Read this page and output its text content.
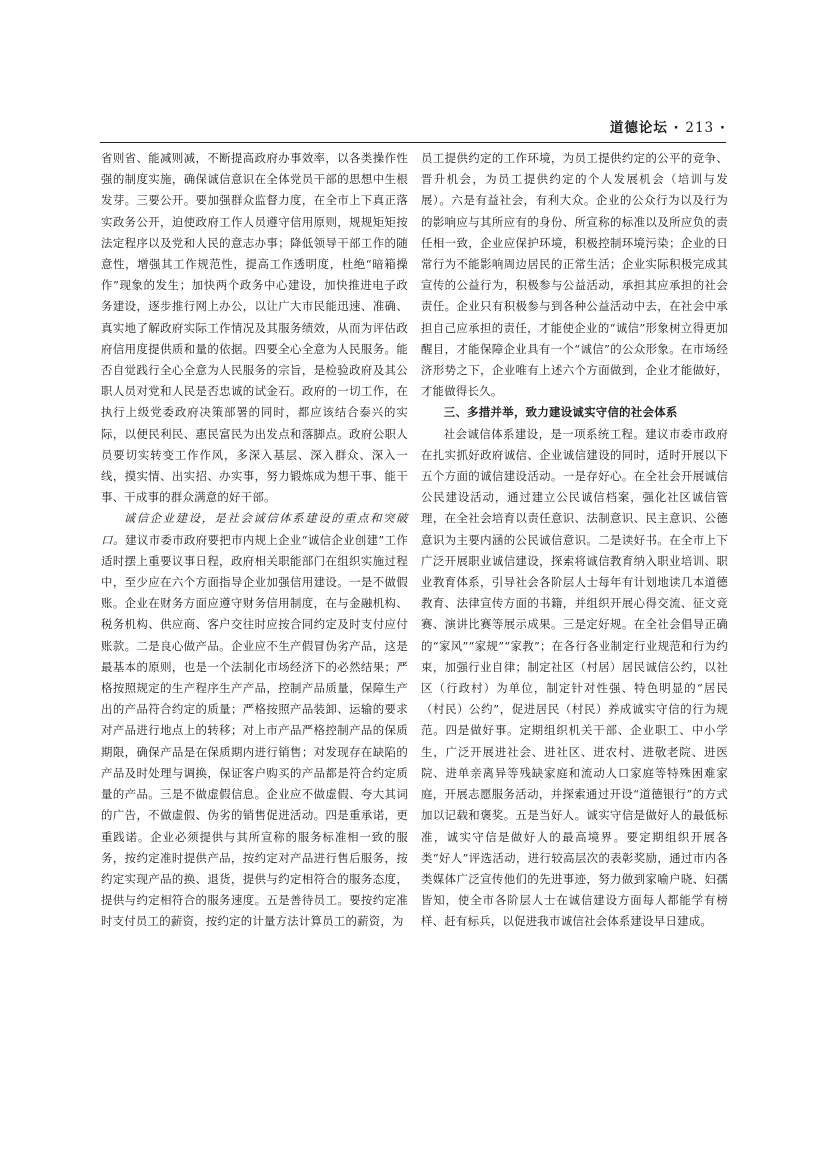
道德论坛 · 213 ·

省则省、能减则减，不断提高政府办事效率，以各类操作性强的制度实施，确保诚信意识在全体党员干部的思想中生根发芽。三要公开。要加强群众监督力度，在全市上下真正落实政务公开，迫使政府工作人员遵守信用原则，规规矩矩按法定程序以及党和人民的意志办事；降低领导干部工作的随意性，增强其工作规范性，提高工作透明度，杜绝“暗箱操作”现象的发生；加快两个政务中心建设，加快推进电子政务建设，逐步推行网上办公，以让广大市民能迅速、准确、真实地了解政府实际工作情况及其服务绩效，从而为评估政府信用度提供质和量的依据。四要全心全意为人民服务。能否自觉践行全心全意为人民服务的宗旨，是检验政府及其公职人员对党和人民是否忠诚的试金石。政府的一切工作，在执行上级党委政府决策部署的同时，都应该结合泰兴的实际，以便民利民、惠民富民为出发点和落脚点。政府公职人员要切实转变工作作风，多深入基层、深入群众、深入一线，摸实情、出实招、办实事，努力锻炼成为想干事、能干事、干成事的群众满意的好干部。

诚信企业建设，是社会诚信体系建设的重点和突破口。建议市委市政府要把市内规上企业“诚信企业创建”工作适时摆上重要议事日程，政府相关职能部门在组织实施过程中，至少应在六个方面指导企业加强信用建设。一是不做假账。企业在财务方面应遵守财务信用制度，在与金融机构、税务机构、供应商、客户交往时应按合同约定及时支付应付账款。二是良心做产品。企业应不生产假冒伪劣产品，这是最基本的原则，也是一个法制化市场经济下的必然结果；严格按照规定的生产程序生产产品，控制产品质量，保障生产出的产品符合约定的质量；严格按照产品装卸、运输的要求对产品进行地点上的转移；对上市产品严格控制产品的保质期限，确保产品是在保质期内进行销售；对发现存在缺陷的产品及时处理与调换，保证客户购买的产品都是符合约定质量的产品。三是不做虚假信息。企业应不做虚假、夸大其词的广告，不做虚假、伪劣的销售促进活动。四是重承诺，更重践诺。企业必须提供与其所宣称的服务标准相一致的服务，按约定准时提供产品，按约定对产品进行售后服务，按约定实现产品的换、退货，提供与约定相符合的服务态度，提供与约定相符合的服务速度。五是善待员工。要按约定准时支付员工的薪资，按约定的计量方法计算员工的薪资，为

员工提供约定的工作环境，为员工提供约定的公平的竞争、晋升机会，为员工提供约定的个人发展机会（培训与发展）。六是有益社会，有利大众。企业的公众行为以及行为的影响应与其所应有的身份、所宣称的标准以及所应负的责任相一致，企业应保护环境，积极控制环境污染；企业的日常行为不能影响周边居民的正常生活；企业实际积极完成其宣传的公益行为，积极参与公益活动，承担其应承担的社会责任。企业只有积极参与到各种公益活动中去，在社会中承担自己应承担的责任，才能使企业的“诚信”形象树立得更加醒目，才能保障企业具有一个“诚信”的公众形象。在市场经济形势之下，企业唯有上述六个方面做到，企业才能做好，才能做得长久。

三、多措并举，致力建设诚实守信的社会体系

社会诚信体系建设，是一项系统工程。建议市委市政府在扎实抓好政府诚信、企业诚信建设的同时，适时开展以下五个方面的诚信建设活动。一是存好心。在全社会开展诚信公民建设活动，通过建立公民诚信档案，强化社区诚信管理，在全社会培育以责任意识、法制意识、民主意识、公德意识为主要内涵的公民诚信意识。二是读好书。在全市上下广泛开展职业诚信建设，探索将诚信教育纳入职业培训、职业教育体系，引导社会各阶层人士每年有计划地读几本道德教育、法律宣传方面的书籍，并组织开展心得交流、征文竞赛、演讲比赛等展示成果。三是定好规。在全社会倡导正确的“家风”“家规”“家教”；在各行各业制定行业规范和行为约束，加强行业自律；制定社区（村居）居民诚信公约，以社区（行政村）为单位，制定针对性强、特色明显的“居民（村民）公约”，促进居民（村民）养成诚实守信的行为规范。四是做好事。定期组织机关干部、企业职工、中小学生，广泛开展进社会、进社区、进农村、进敬老院、进医院、进单亲离异等残缺家庭和流动人口家庭等特殊困难家庭，开展志愿服务活动，并探索通过开设“道德银行”的方式加以记载和褒奖。五是当好人。诚实守信是做好人的最低标准，诚实守信是做好人的最高境界。要定期组织开展各类“好人”评选活动，进行较高层次的表彰奖励，通过市内各类媒体广泛宣传他们的先进事迹，努力做到家喻户晓、妇孺皆知，使全市各阶层人士在诚信建设方面每人都能学有榜样、赶有标兵，以促进我市诚信社会体系建设早日建成。
